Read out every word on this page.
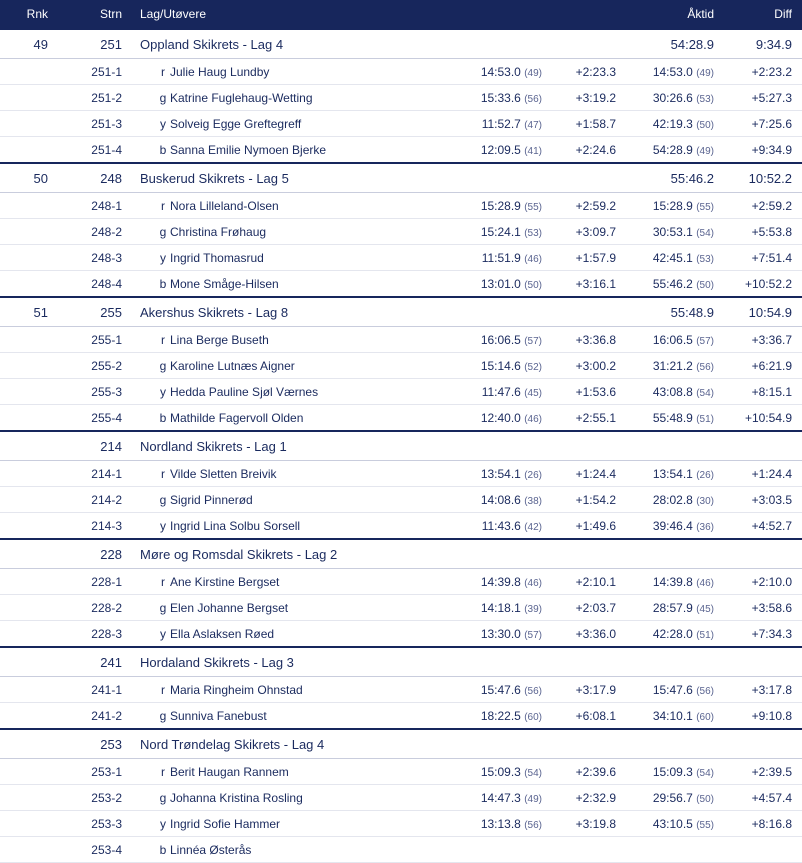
Rnk	Strn	Lag/Utøvere			Åktid	Diff
49	251	Oppland Skikrets - Lag 4			54:28.9	9:34.9
	251-1	r Julie Haug Lundby	14:53.0 (49)	+2:23.3	14:53.0 (49)	+2:23.2
	251-2	g Katrine Fuglehaug-Wetting	15:33.6 (56)	+3:19.2	30:26.6 (53)	+5:27.3
	251-3	y Solveig Egge Greftegreff	11:52.7 (47)	+1:58.7	42:19.3 (50)	+7:25.6
	251-4	b Sanna Emilie Nymoen Bjerke	12:09.5 (41)	+2:24.6	54:28.9 (49)	+9:34.9
50	248	Buskerud Skikrets - Lag 5			55:46.2	10:52.2
	248-1	r Nora Lilleland-Olsen	15:28.9 (55)	+2:59.2	15:28.9 (55)	+2:59.2
	248-2	g Christina Frøhaug	15:24.1 (53)	+3:09.7	30:53.1 (54)	+5:53.8
	248-3	y Ingrid Thomasrud	11:51.9 (46)	+1:57.9	42:45.1 (53)	+7:51.4
	248-4	b Mone Småge-Hilsen	13:01.0 (50)	+3:16.1	55:46.2 (50)	+10:52.2
51	255	Akershus Skikrets - Lag 8			55:48.9	10:54.9
	255-1	r Lina Berge Buseth	16:06.5 (57)	+3:36.8	16:06.5 (57)	+3:36.7
	255-2	g Karoline Lutnæs Aigner	15:14.6 (52)	+3:00.2	31:21.2 (56)	+6:21.9
	255-3	y Hedda Pauline Sjøl Værnes	11:47.6 (45)	+1:53.6	43:08.8 (54)	+8:15.1
	255-4	b Mathilde Fagervoll Olden	12:40.0 (46)	+2:55.1	55:48.9 (51)	+10:54.9
	214	Nordland Skikrets - Lag 1				
	214-1	r Vilde Sletten Breivik	13:54.1 (26)	+1:24.4	13:54.1 (26)	+1:24.4
	214-2	g Sigrid Pinnerød	14:08.6 (38)	+1:54.2	28:02.8 (30)	+3:03.5
	214-3	y Ingrid Lina Solbu Sorsell	11:43.6 (42)	+1:49.6	39:46.4 (36)	+4:52.7
	228	Møre og Romsdal Skikrets - Lag 2				
	228-1	r Ane Kirstine Bergset	14:39.8 (46)	+2:10.1	14:39.8 (46)	+2:10.0
	228-2	g Elen Johanne Bergset	14:18.1 (39)	+2:03.7	28:57.9 (45)	+3:58.6
	228-3	y Ella Aslaksen Røed	13:30.0 (57)	+3:36.0	42:28.0 (51)	+7:34.3
	241	Hordaland Skikrets - Lag 3				
	241-1	r Maria Ringheim Ohnstad	15:47.6 (56)	+3:17.9	15:47.6 (56)	+3:17.8
	241-2	g Sunniva Fanebust	18:22.5 (60)	+6:08.1	34:10.1 (60)	+9:10.8
	253	Nord Trøndelag Skikrets - Lag 4				
	253-1	r Berit Haugan Rannem	15:09.3 (54)	+2:39.6	15:09.3 (54)	+2:39.5
	253-2	g Johanna Kristina Rosling	14:47.3 (49)	+2:32.9	29:56.7 (50)	+4:57.4
	253-3	y Ingrid Sofie Hammer	13:13.8 (56)	+3:19.8	43:10.5 (55)	+8:16.8
	253-4	b Linnéa Østerås				
